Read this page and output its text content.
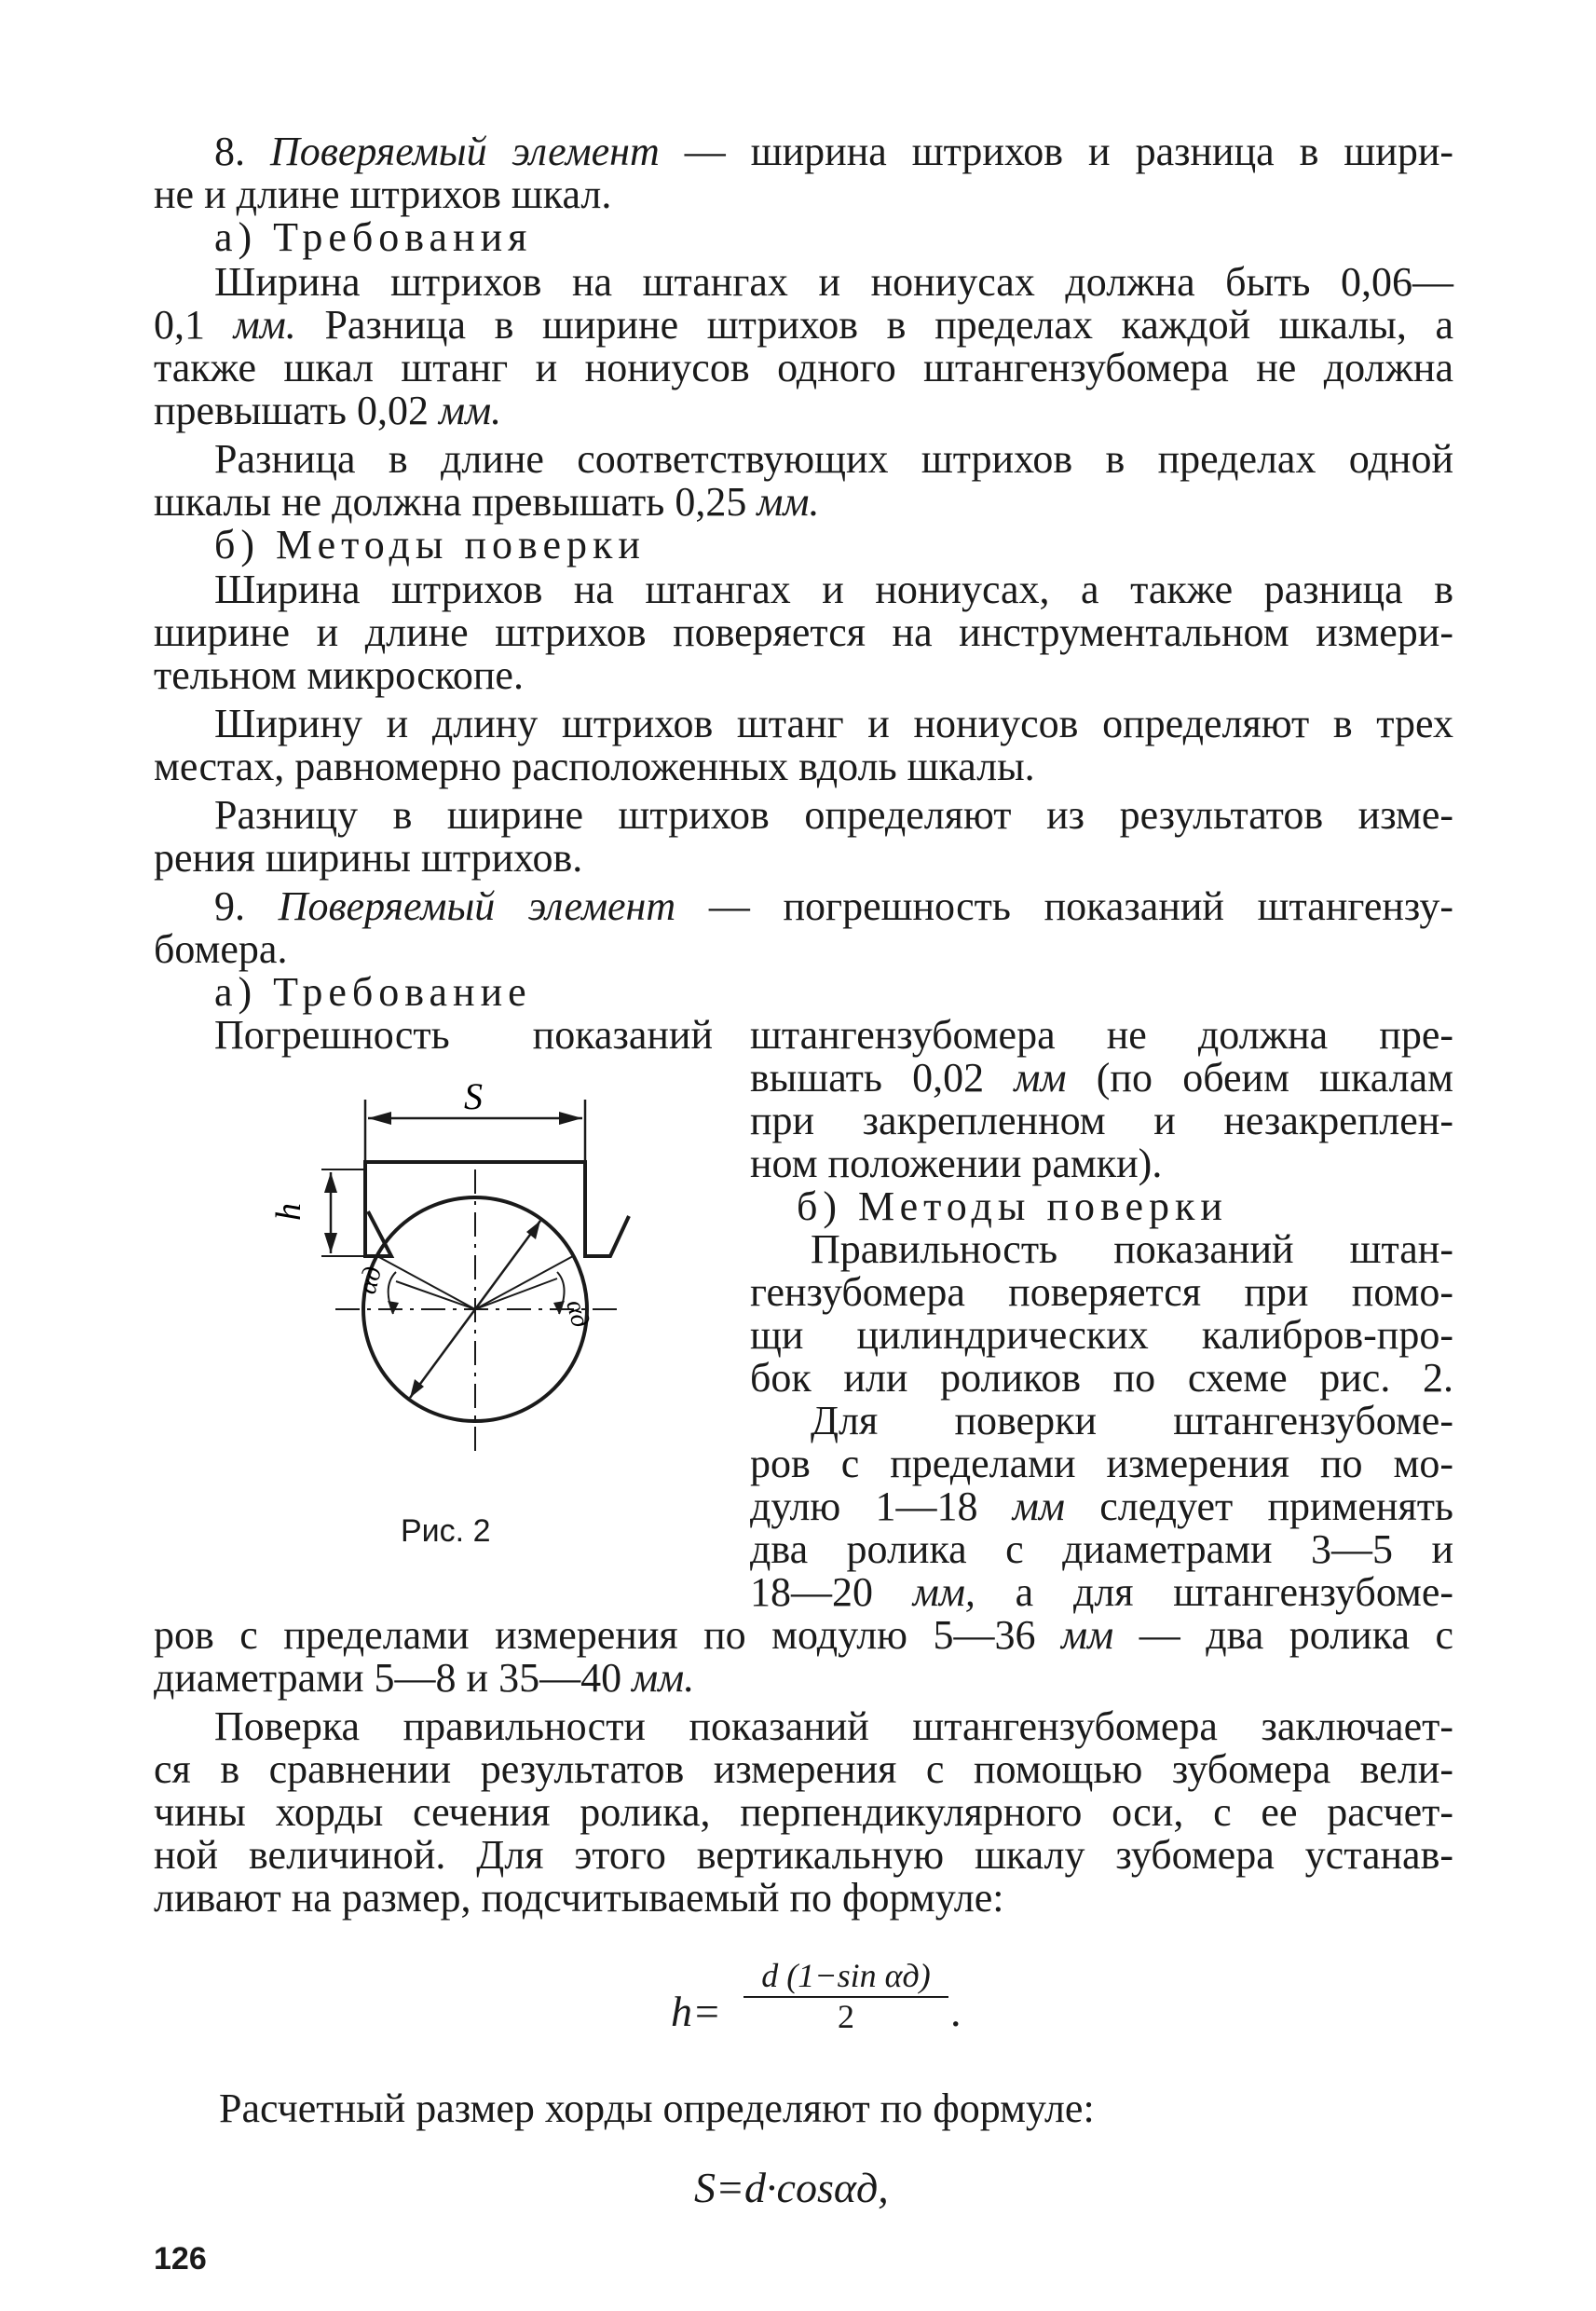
8. Поверяемый элемент — ширина штрихов и разница в шири-
не и длине штрихов шкал.
а) Требования
Ширина штрихов на штангах и нониусах должна быть 0,06—
0,1 мм. Разница в ширине штрихов в пределах каждой шкалы, а
также шкал штанг и нониусов одного штангензубомера не должна
превышать 0,02 мм.
Разница в длине соответствующих штрихов в пределах одной
шкалы не должна превышать 0,25 мм.
б) Методы поверки
Ширина штрихов на штангах и нониусах, а также разница в
ширине и длине штрихов поверяется на инструментальном измери-
тельном микроскопе.
Ширину и длину штрихов штанг и нониусов определяют в трех
местах, равномерно расположенных вдоль шкалы.
Разницу в ширине штрихов определяют из результатов изме-
рения ширины штрихов.
9. Поверяемый элемент — погрешность показаний штангензу-
бомера.
а) Требование
Погрешность показаний штангензубомера не должна пре-
вышать 0,02 мм (по обеим шкалам
при закрепленном и незакреплен-
ном положении рамки).
б) Методы поверки
Правильность показаний штан-
гензубомера поверяется при помо-
щи цилиндрических калибров-про-
бок или роликов по схеме рис. 2.
Для поверки штангензубоме-
ров с пределами измерения по мо-
дулю 1—18 мм следует применять
два ролика с диаметрами 3—5 и
18—20 мм, а для штангензубоме-
S
h
αд
αд
Рис. 2
ров с пределами измерения по модулю 5—36 мм — два ролика с
диаметрами 5—8 и 35—40 мм.
Поверка правильности показаний штангензубомера заключает-
ся в сравнении результатов измерения с помощью зубомера вели-
чины хорды сечения ролика, перпендикулярного оси, с ее расчет-
ной величиной. Для этого вертикальную шкалу зубомера устанав-
ливают на размер, подсчитываемый по формуле:
h=
d (1−sin αд)
2	.
Расчетный размер хорды определяют по формуле:
S=d·cosαд,
126
